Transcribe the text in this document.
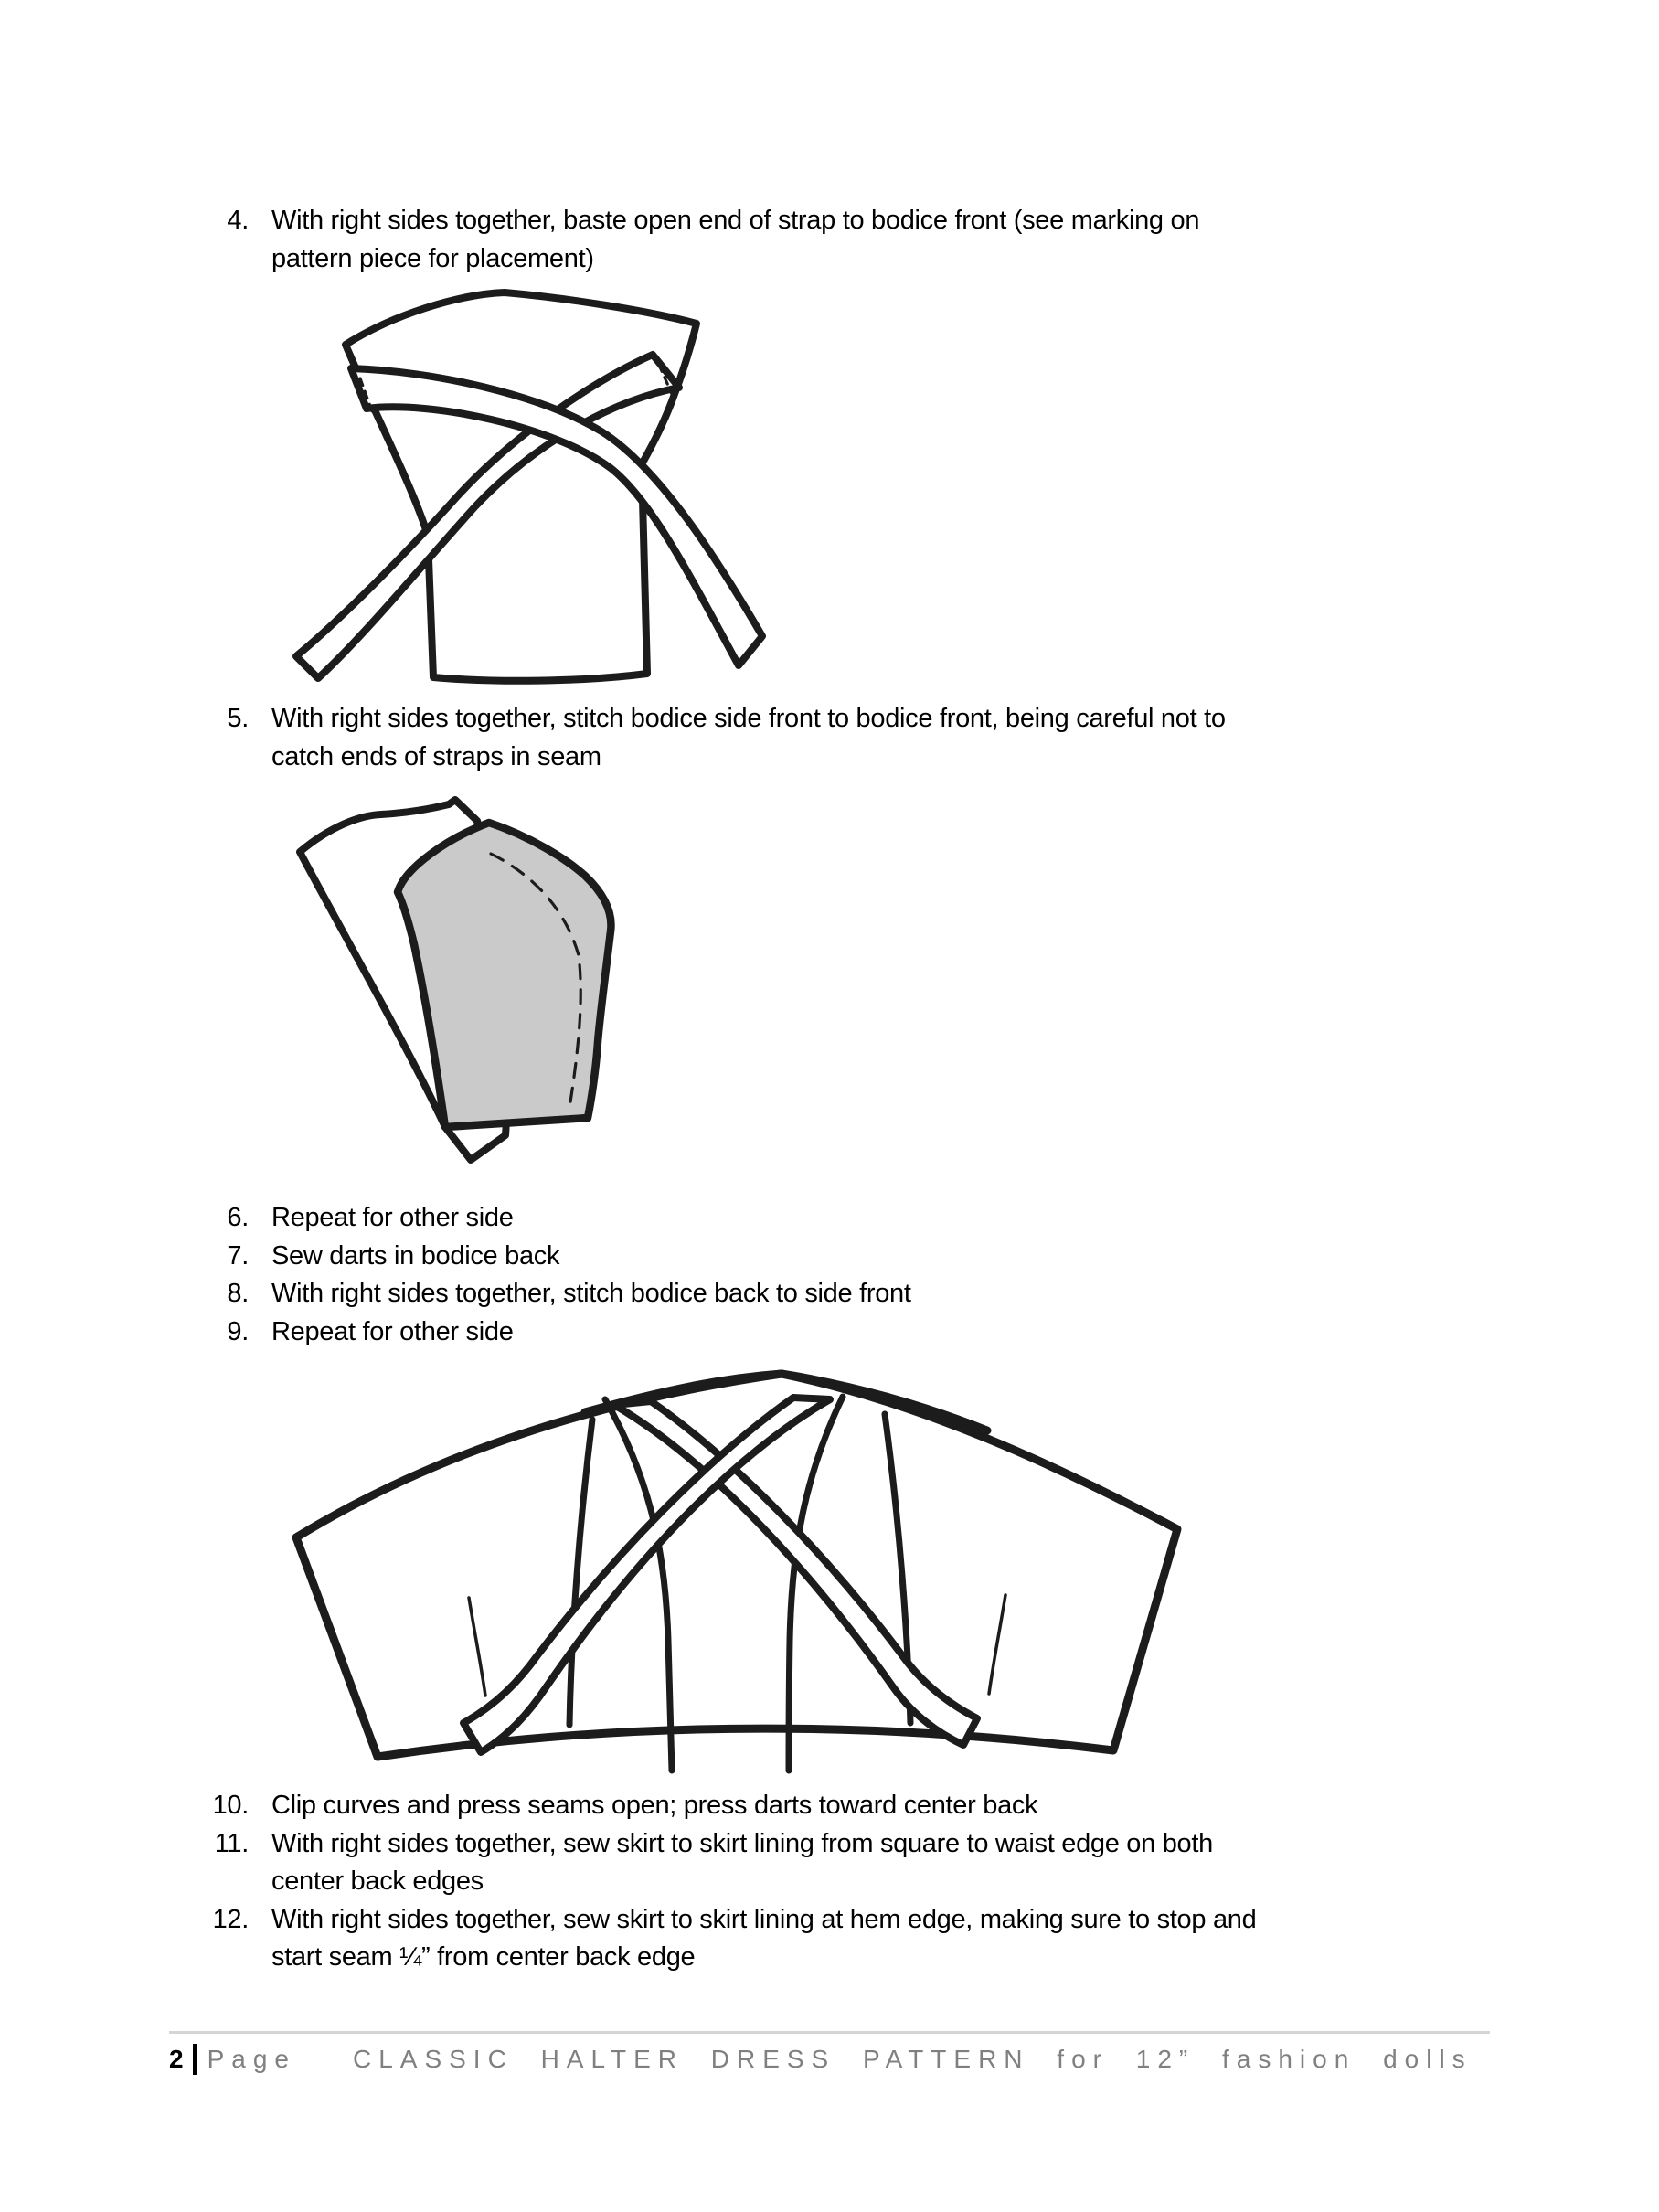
4. With right sides together, baste open end of strap to bodice front (see marking on
pattern piece for placement)
5. With right sides together, stitch bodice side front to bodice front, being careful not to
catch ends of straps in seam
6. Repeat for other side
7. Sew darts in bodice back
8. With right sides together, stitch bodice back to side front
9. Repeat for other side
10. Clip curves and press seams open; press darts toward center back
11. With right sides together, sew skirt to skirt lining from square to waist edge on both
center back edges
12. With right sides together, sew skirt to skirt lining at hem edge, making sure to stop and
start seam ¼” from center back edge
2 Page CLASSIC HALTER DRESS PATTERN for 12” fashion dolls
